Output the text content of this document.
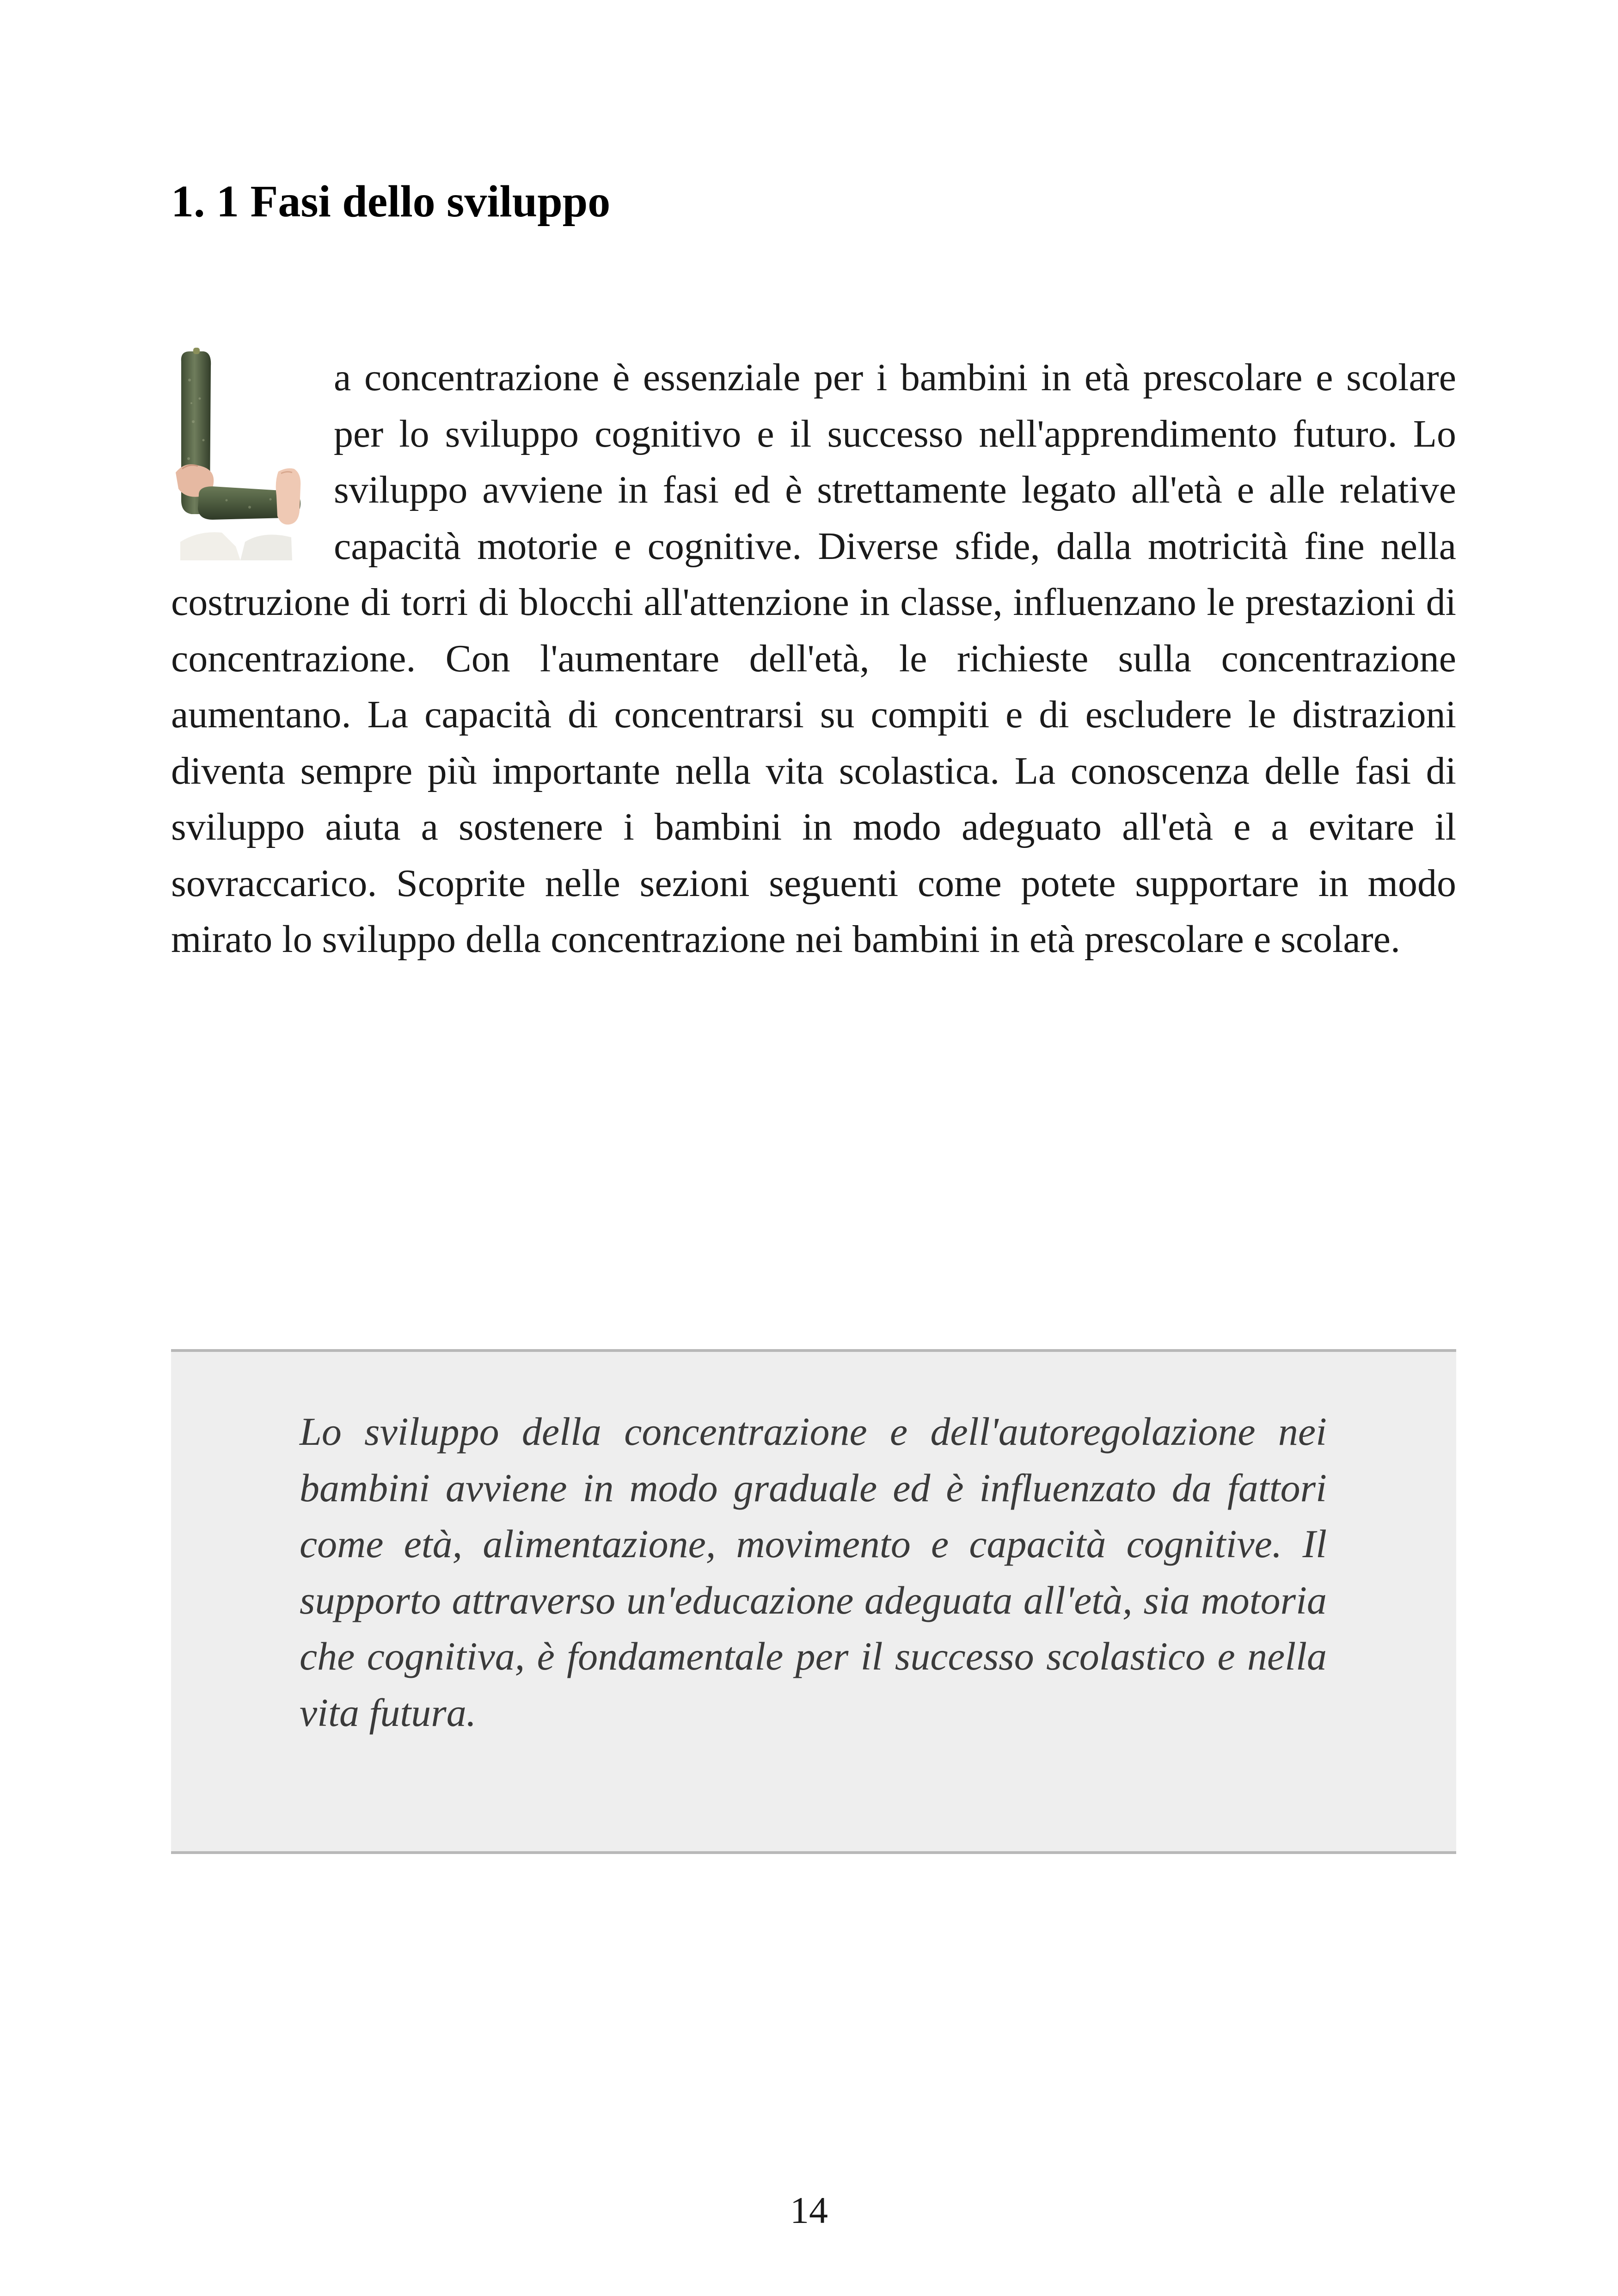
1. 1 Fasi dello sviluppo

a concentrazione è essenziale per i bambini in età prescolare e scolare per lo sviluppo cognitivo e il successo nell'apprendimento futuro. Lo sviluppo avviene in fasi ed è strettamente legato all'età e alle relative capacità motorie e cognitive. Diverse sfide, dalla motricità fine nella costruzione di torri di blocchi all'attenzione in classe, influenzano le prestazioni di concentrazione. Con l'aumentare dell'età, le richieste sulla concentrazione aumentano. La capacità di concentrarsi su compiti e di escludere le distrazioni diventa sempre più importante nella vita scolastica. La conoscenza delle fasi di sviluppo aiuta a sostenere i bambini in modo adeguato all'età e a evitare il sovraccarico. Scoprite nelle sezioni seguenti come potete supportare in modo mirato lo sviluppo della concentrazione nei bambini in età prescolare e scolare.

Lo sviluppo della concentrazione e dell'autoregolazione nei bambini avviene in modo graduale ed è influenzato da fattori come età, alimentazione, movimento e capacità cognitive. Il supporto attraverso un'educazione adeguata all'età, sia motoria che cognitiva, è fondamentale per il successo scolastico e nella vita futura.

14
